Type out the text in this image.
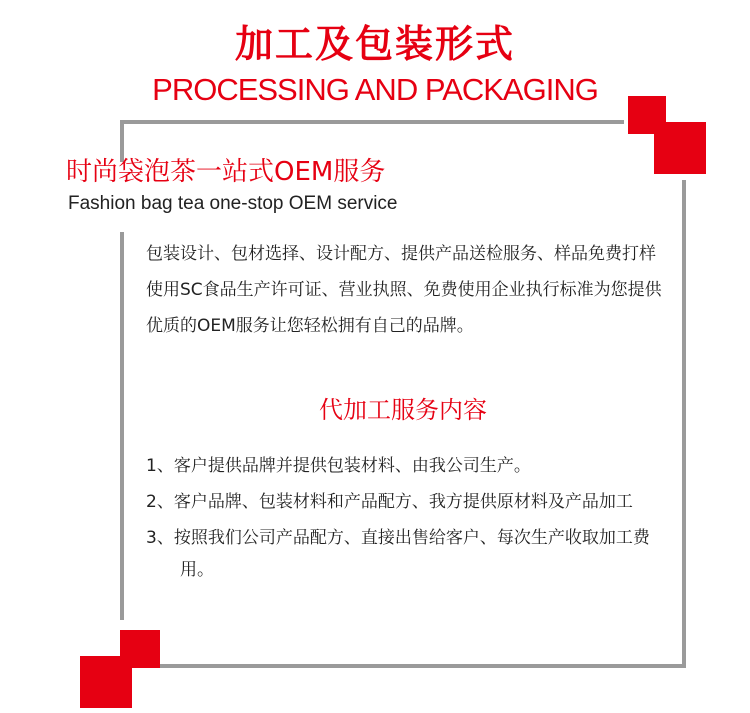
加工及包装形式
PROCESSING AND PACKAGING
时尚袋泡茶一站式OEM服务
Fashion bag tea one-stop OEM service
包装设计、包材选择、设计配方、提供产品送检服务、样品免费打样使用SC食品生产许可证、营业执照、免费使用企业执行标准为您提供优质的OEM服务让您轻松拥有自己的品牌。
代加工服务内容
1、客户提供品牌并提供包装材料、由我公司生产。
2、客户品牌、包装材料和产品配方、我方提供原材料及产品加工
3、按照我们公司产品配方、直接出售给客户、每次生产收取加工费用。
